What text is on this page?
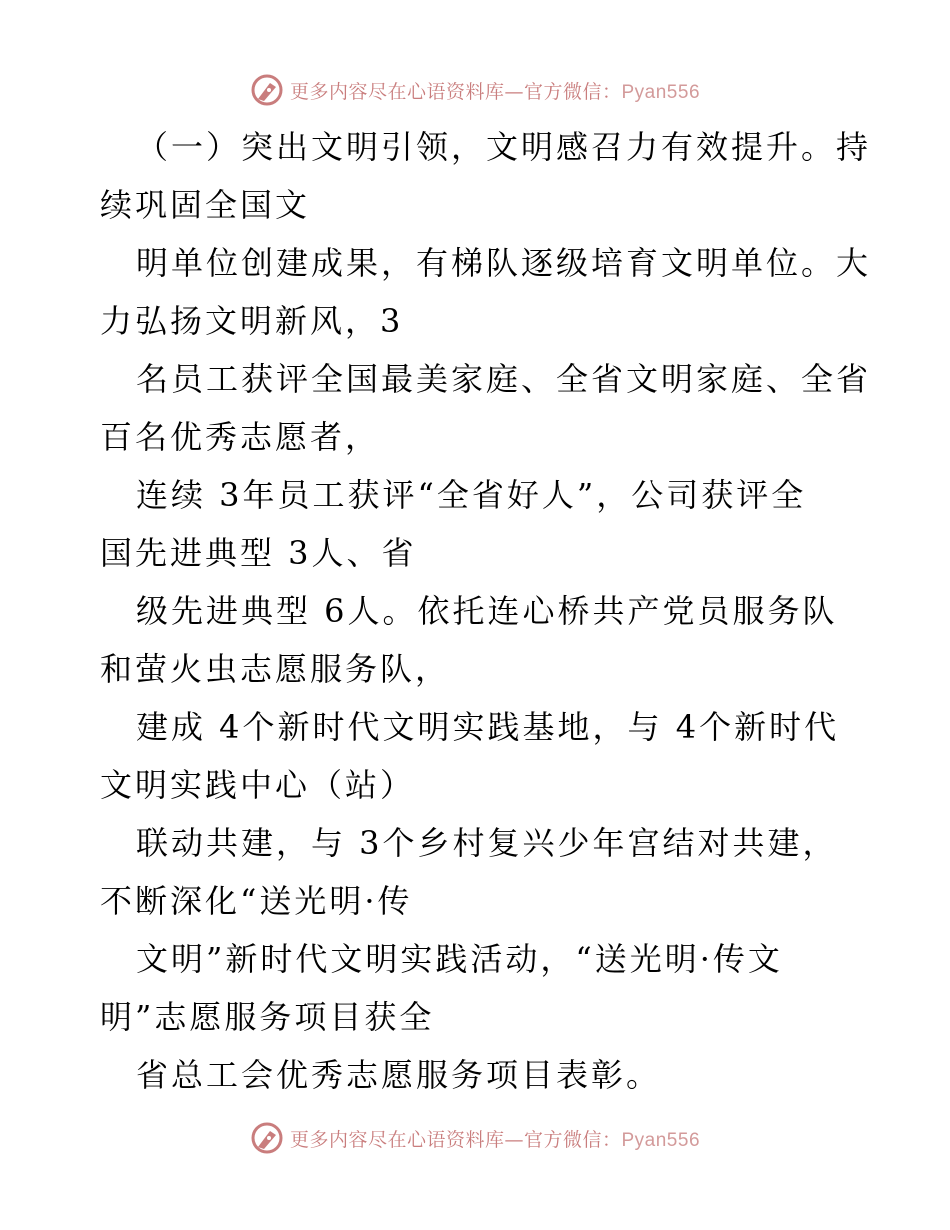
更多内容尽在心语资料库—官方微信：Pyan556
（一）突出文明引领，文明感召力有效提升。持
续巩固全国文
明单位创建成果，有梯队逐级培育文明单位。大
力弘扬文明新风，3
名员工获评全国最美家庭、全省文明家庭、全省
百名优秀志愿者，
连续 3年员工获评“全省好人”，公司获评全
国先进典型 3人、省
级先进典型 6人。依托连心桥共产党员服务队
和萤火虫志愿服务队，
建成 4个新时代文明实践基地，与 4个新时代
文明实践中心（站）
联动共建，与 3个乡村复兴少年宫结对共建，
不断深化“送光明·传
文明”新时代文明实践活动，“送光明·传文
明”志愿服务项目获全
省总工会优秀志愿服务项目表彰。
更多内容尽在心语资料库—官方微信：Pyan556
